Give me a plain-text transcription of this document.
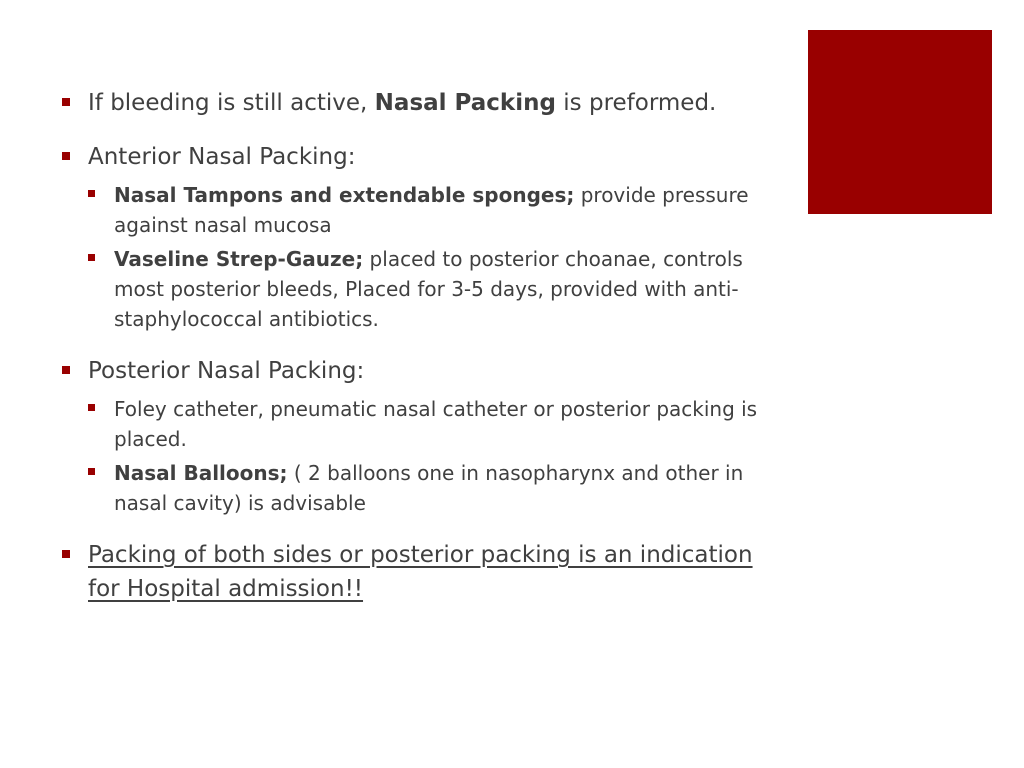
If bleeding is still active, Nasal Packing is preformed.
Anterior Nasal Packing:
Nasal Tampons and extendable sponges; provide pressure against nasal mucosa
Vaseline Strep-Gauze; placed to posterior choanae, controls most posterior bleeds, Placed for 3-5 days, provided with anti- staphylococcal antibiotics.
Posterior Nasal Packing:
Foley catheter, pneumatic nasal catheter or posterior packing is placed.
Nasal Balloons; ( 2 balloons one in nasopharynx and other in nasal cavity) is advisable
Packing of both sides or posterior packing is an indication for Hospital admission!!
